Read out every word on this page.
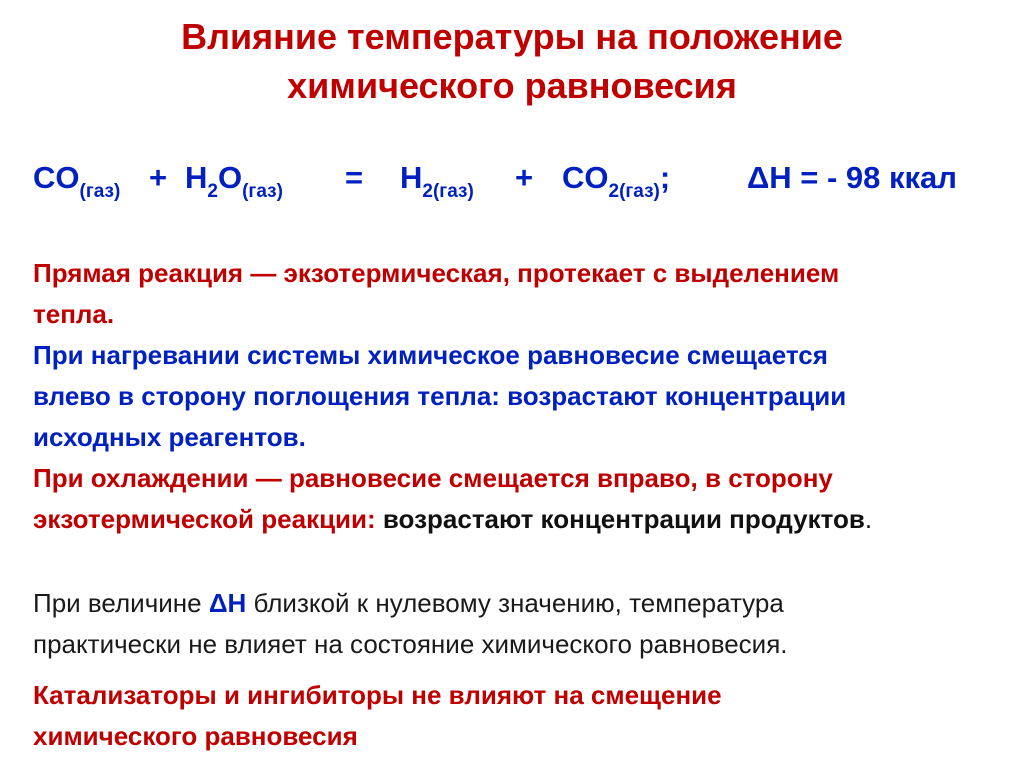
Влияние температуры на положение
химического равновесия
$CO_{(газ)} + H_2O_{(газ)} = H_{2(газ)} + CO_{2(газ)}$; ΔH = - 98 ккал
Прямая реакция — экзотермическая, протекает с выделением
тепла.
При нагревании системы химическое равновесие смещается
влево в сторону поглощения тепла: возрастают концентрации
исходных реагентов.
При охлаждении — равновесие смещается вправо, в сторону
экзотермической реакции: возрастают концентрации продуктов.
При величине ΔH близкой к нулевому значению, температура
практически не влияет на состояние химического равновесия.
Катализаторы и ингибиторы не влияют на смещение
химического равновесия
